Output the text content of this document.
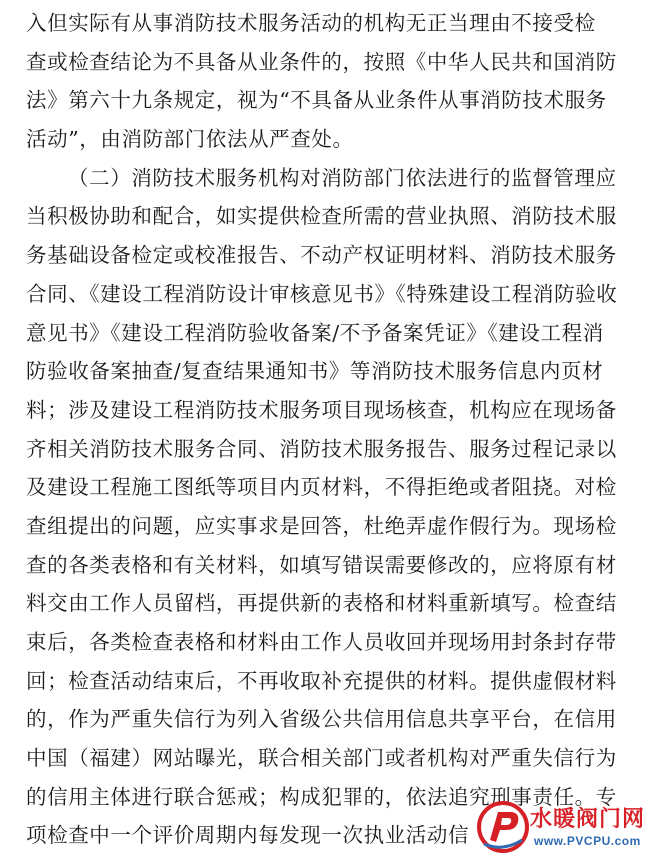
入但实际有从事消防技术服务活动的机构无正当理由不接受检
查或检查结论为不具备从业条件的，按照《中华人民共和国消防
法》第六十九条规定，视为“不具备从业条件从事消防技术服务
活动”，由消防部门依法从严查处。
（二）消防技术服务机构对消防部门依法进行的监督管理应
当积极协助和配合，如实提供检查所需的营业执照、消防技术服
务基础设备检定或校准报告、不动产权证明材料、消防技术服务
合同、《建设工程消防设计审核意见书》《特殊建设工程消防验收
意见书》《建设工程消防验收备案/不予备案凭证》《建设工程消
防验收备案抽查/复查结果通知书》等消防技术服务信息内页材
料；涉及建设工程消防技术服务项目现场核查，机构应在现场备
齐相关消防技术服务合同、消防技术服务报告、服务过程记录以
及建设工程施工图纸等项目内页材料，不得拒绝或者阻挠。对检
查组提出的问题，应实事求是回答，杜绝弄虚作假行为。现场检
查的各类表格和有关材料，如填写错误需要修改的，应将原有材
料交由工作人员留档，再提供新的表格和材料重新填写。检查结
束后，各类检查表格和材料由工作人员收回并现场用封条封存带
回；检查活动结束后，不再收取补充提供的材料。提供虚假材料
的，作为严重失信行为列入省级公共信用信息共享平台，在信用
中国（福建）网站曝光，联合相关部门或者机构对严重失信行为
的信用主体进行联合惩戒；构成犯罪的，依法追究刑事责任。专
项检查中一个评价周期内每发现一次执业活动信
水暖阀门网
www.PVCPU.com
